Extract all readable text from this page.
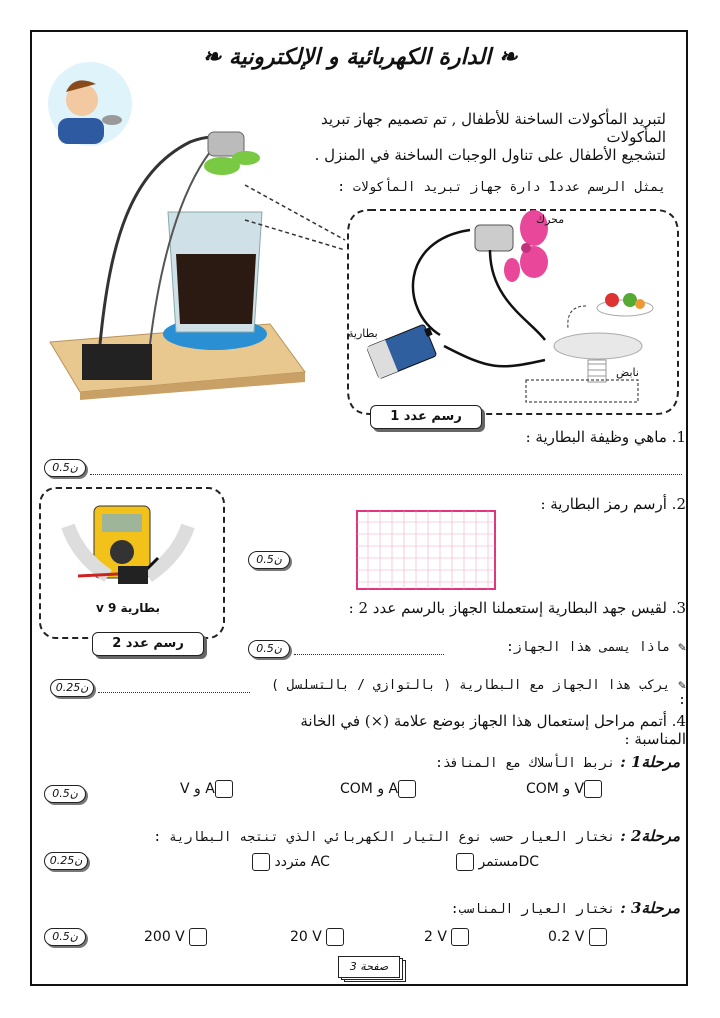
❧ الدارة الكهربائية و الإلكترونية ❧
لتبريد المأكولات الساخنة للأطفال , تم تصميم جهاز تبريد المأكولات
لتشجيع الأطفال على تناول الوجبات الساخنة في المنزل .
يمثل الرسم عدد1 دارة جهاز تبريد المأكولات :
محرك
بطارية
نابض
رسم عدد 1
1. ماهي وظيفة البطارية :
0.5ن
بطارية 9 v
رسم عدد 2
2. أرسم رمز البطارية :
0.5ن
3. لقيس جهد البطارية إستعملنا الجهاز بالرسم عدد 2 :
✎ ماذا يسمى هذا الجهاز:
0.5ن
✎ يركب هذا الجهاز مع البطارية ( بالتوازي / بالتسلسل ) :
0.25ن
4. أتمم مراحل إستعمال هذا الجهاز بوضع علامة (×) في الخانة المناسبة :
مرحلة1 : نربط الأسلاك مع المنافذ:
COM و V
COM و A
V و A
0.5ن
مرحلة2 : نختار العيار حسب نوع التيار الكهربائي الذي تنتجه البطارية :
مستمرDC
متردد AC
0.25ن
مرحلة3 : نختار العيار المناسب:
0.2 V
2 V
20 V
200 V
0.5ن
صفحة 3
